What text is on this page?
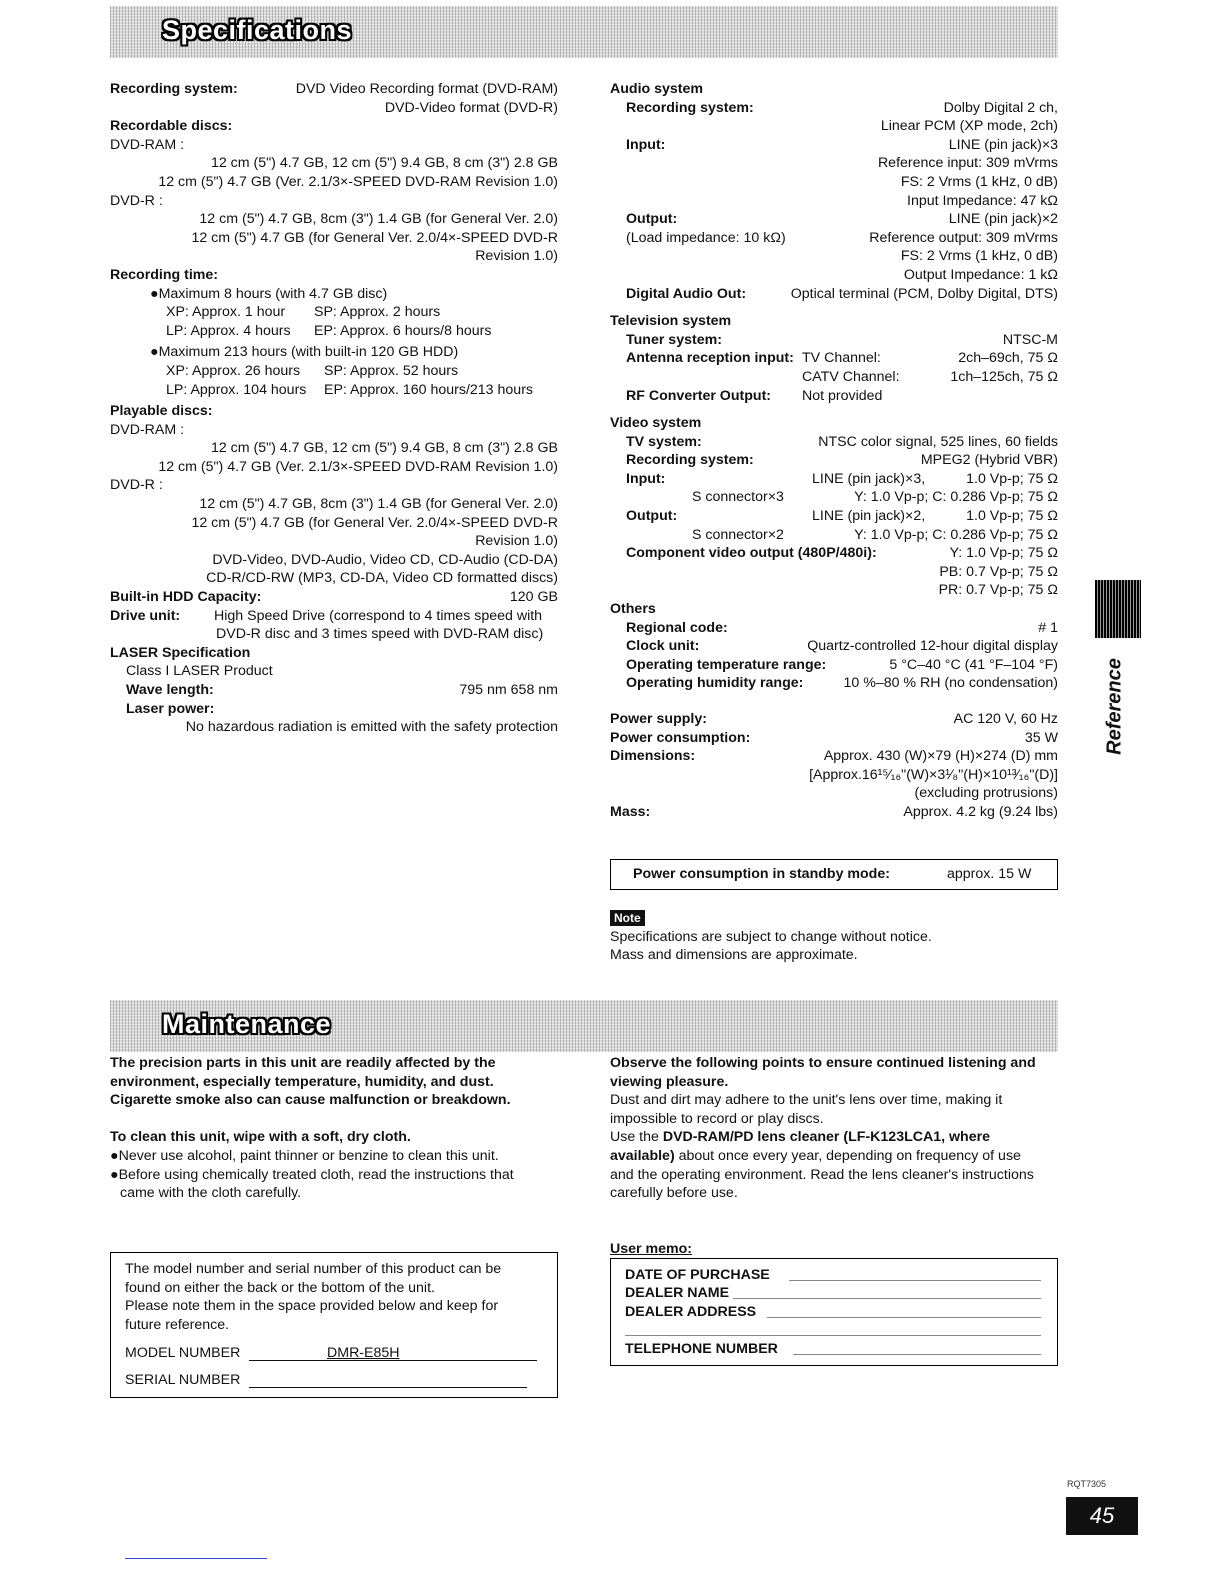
Specifications
Recording system:	DVD Video Recording format (DVD-RAM)
DVD-Video format (DVD-R)
Recordable discs:
DVD-RAM :
12 cm (5") 4.7 GB, 12 cm (5") 9.4 GB, 8 cm (3") 2.8 GB
12 cm (5") 4.7 GB (Ver. 2.1/3×-SPEED DVD-RAM Revision 1.0)
DVD-R :
12 cm (5") 4.7 GB, 8cm (3") 1.4 GB (for General Ver. 2.0)
12 cm (5") 4.7 GB (for General Ver. 2.0/4×-SPEED DVD-R
Revision 1.0)
Recording time:
●Maximum 8 hours (with 4.7 GB disc)
XP: Approx. 1 hour SP: Approx. 2 hours
LP: Approx. 4 hours EP: Approx. 6 hours/8 hours
●Maximum 213 hours (with built-in 120 GB HDD)
XP: Approx. 26 hours SP: Approx. 52 hours
LP: Approx. 104 hours EP: Approx. 160 hours/213 hours
Playable discs:
DVD-RAM :
12 cm (5") 4.7 GB, 12 cm (5") 9.4 GB, 8 cm (3") 2.8 GB
12 cm (5") 4.7 GB (Ver. 2.1/3×-SPEED DVD-RAM Revision 1.0)
DVD-R :
12 cm (5") 4.7 GB, 8cm (3") 1.4 GB (for General Ver. 2.0)
12 cm (5") 4.7 GB (for General Ver. 2.0/4×-SPEED DVD-R
Revision 1.0)
DVD-Video, DVD-Audio, Video CD, CD-Audio (CD-DA)
CD-R/CD-RW (MP3, CD-DA, Video CD formatted discs)
Built-in HDD Capacity:	120 GB
Drive unit: High Speed Drive (correspond to 4 times speed with
DVD-R disc and 3 times speed with DVD-RAM disc)
LASER Specification
Class I LASER Product
Wave length:	795 nm 658 nm
Laser power:
No hazardous radiation is emitted with the safety protection
Audio system
Recording system:	Dolby Digital 2 ch,
Linear PCM (XP mode, 2ch)
Input:	LINE (pin jack)×3
Reference input: 309 mVrms
FS: 2 Vrms (1 kHz, 0 dB)
Input Impedance: 47 kΩ
Output:	LINE (pin jack)×2
(Load impedance: 10 kΩ)	Reference output: 309 mVrms
FS: 2 Vrms (1 kHz, 0 dB)
Output Impedance: 1 kΩ
Digital Audio Out:	Optical terminal (PCM, Dolby Digital, DTS)
Television system
Tuner system:	NTSC-M
Antenna reception input: TV Channel:	2ch–69ch, 75 Ω
CATV Channel:	1ch–125ch, 75 Ω
RF Converter Output: Not provided
Video system
TV system:	NTSC color signal, 525 lines, 60 fields
Recording system:	MPEG2 (Hybrid VBR)
Input:	LINE (pin jack)×3,	1.0 Vp-p; 75 Ω
S connector×3	Y: 1.0 Vp-p; C: 0.286 Vp-p; 75 Ω
Output:	LINE (pin jack)×2,	1.0 Vp-p; 75 Ω
S connector×2	Y: 1.0 Vp-p; C: 0.286 Vp-p; 75 Ω
Component video output (480P/480i):	Y: 1.0 Vp-p; 75 Ω
PB: 0.7 Vp-p; 75 Ω
PR: 0.7 Vp-p; 75 Ω
Others
Regional code:	# 1
Clock unit:	Quartz-controlled 12-hour digital display
Operating temperature range:	5 °C–40 °C (41 °F–104 °F)
Operating humidity range:	10 %–80 % RH (no condensation)
Power supply:	AC 120 V, 60 Hz
Power consumption:	35 W
Dimensions:	Approx. 430 (W)×79 (H)×274 (D) mm
[Approx.16¹⁵⁄₁₆"(W)×3¹⁄₈"(H)×10¹³⁄₁₆"(D)]
(excluding protrusions)
Mass:	Approx. 4.2 kg (9.24 lbs)
Power consumption in standby mode:	approx. 15 W
Note
Specifications are subject to change without notice.
Mass and dimensions are approximate.
Maintenance
The precision parts in this unit are readily affected by the
environment, especially temperature, humidity, and dust.
Cigarette smoke also can cause malfunction or breakdown.
To clean this unit, wipe with a soft, dry cloth.
●Never use alcohol, paint thinner or benzine to clean this unit.
●Before using chemically treated cloth, read the instructions that
came with the cloth carefully.
Observe the following points to ensure continued listening and
viewing pleasure.
Dust and dirt may adhere to the unit's lens over time, making it
impossible to record or play discs.
Use the DVD-RAM/PD lens cleaner (LF-K123LCA1, where
available) about once every year, depending on frequency of use
and the operating environment. Read the lens cleaner's instructions
carefully before use.
The model number and serial number of this product can be
found on either the back or the bottom of the unit.
Please note them in the space provided below and keep for
future reference.
MODEL NUMBER	DMR-E85H
SERIAL NUMBER
User memo:
DATE OF PURCHASE
DEALER NAME
DEALER ADDRESS
TELEPHONE NUMBER
Reference
RQT7305
45
